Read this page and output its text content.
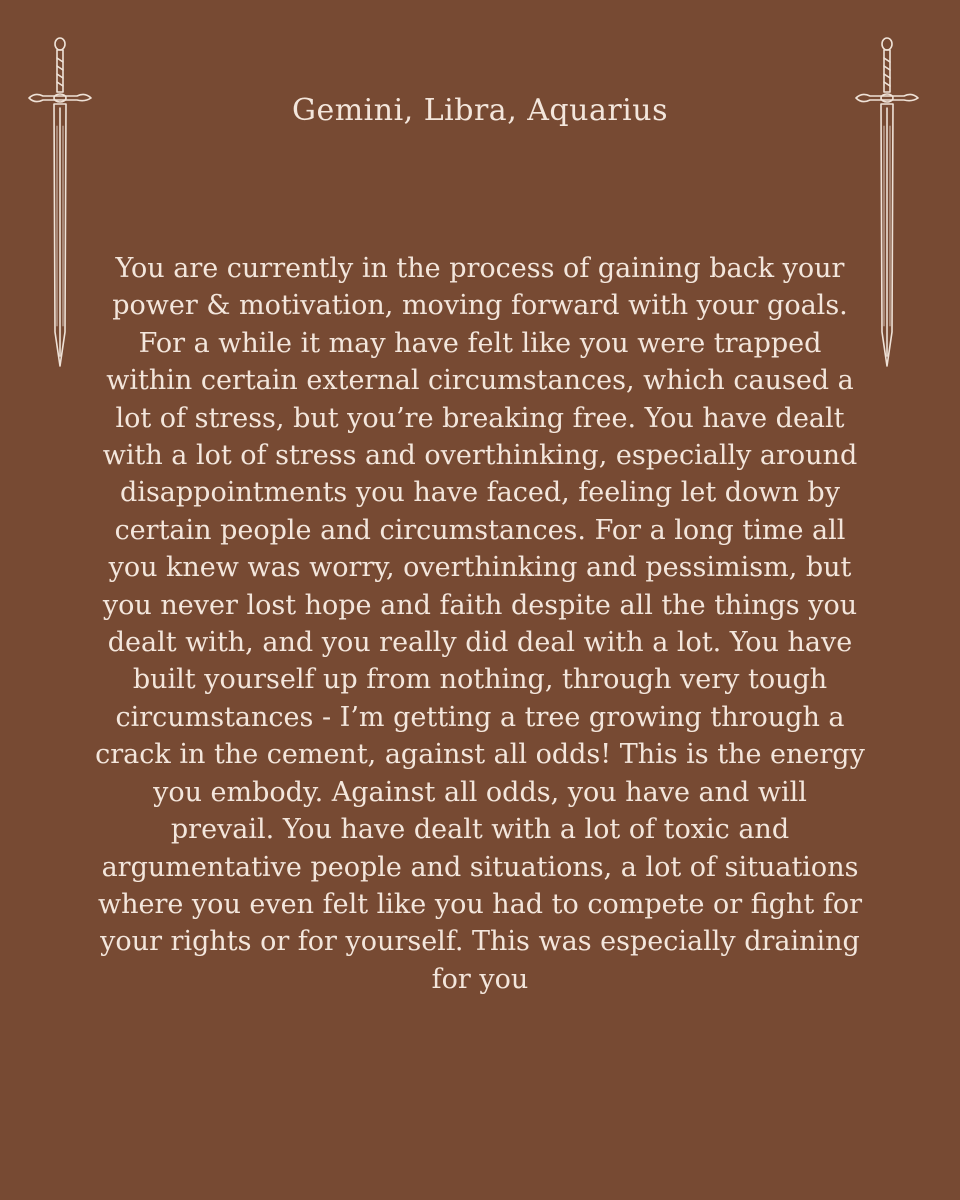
Gemini, Libra, Aquarius
You are currently in the process of gaining back your
power & motivation, moving forward with your goals.
For a while it may have felt like you were trapped
within certain external circumstances, which caused a
lot of stress, but you’re breaking free. You have dealt
with a lot of stress and overthinking, especially around
disappointments you have faced, feeling let down by
certain people and circumstances. For a long time all
you knew was worry, overthinking and pessimism, but
you never lost hope and faith despite all the things you
dealt with, and you really did deal with a lot. You have
built yourself up from nothing, through very tough
circumstances - I’m getting a tree growing through a
crack in the cement, against all odds! This is the energy
you embody. Against all odds, you have and will
prevail. You have dealt with a lot of toxic and
argumentative people and situations, a lot of situations
where you even felt like you had to compete or fight for
your rights or for yourself. This was especially draining
for you
